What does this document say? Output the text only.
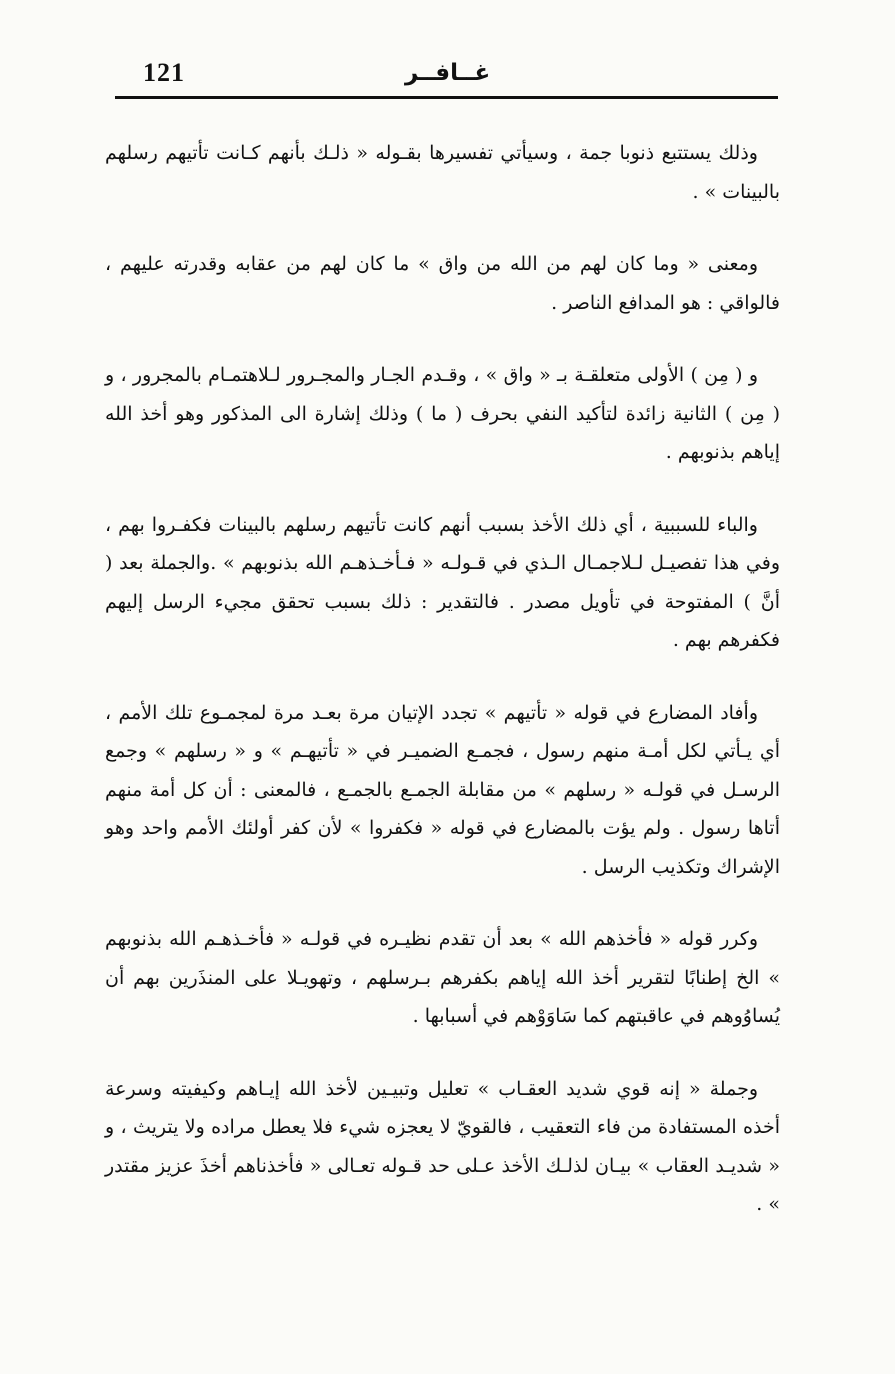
121	غــافــر

وذلك يستتبع ذنوبا جمة ، وسيأتي تفسيرها بقـوله « ذلـك بأنهم كـانت تأتيهم رسلهم بالبينات » .

ومعنى « وما كان لهم من الله من واق » ما كان لهم من عقابه وقدرته عليهم ، فالواقي : هو المدافع الناصر .

و ( مِن ) الأولى متعلقـة بـ « واق » ، وقـدم الجـار والمجـرور لـلاهتمـام بالمجرور ، و ( مِن ) الثانية زائدة لتأكيد النفي بحرف ( ما ) وذلك إشارة الى المذكور وهو أخذ الله إياهم بذنوبهم .

والباء للسببية ، أي ذلك الأخذ بسبب أنهم كانت تأتيهم رسلهم بالبينات فكفـروا بهم ، وفي هذا تفصيـل لـلاجمـال الـذي في قـولـه « فـأخـذهـم الله بذنوبهم » .والجملة بعد ( أنَّ ) المفتوحة في تأويل مصدر . فالتقدير : ذلك بسبب تحقق مجيء الرسل إليهم فكفرهم بهم .

وأفاد المضارع في قوله « تأتيهم » تجدد الإتيان مرة بعـد مرة لمجمـوع تلك الأمم ، أي يـأتي لكل أمـة منهم رسول ، فجمـع الضميـر في « تأتيهـم » و « رسلهم » وجمع الرسـل في قولـه « رسلهم » من مقابلة الجمـع بالجمـع ، فالمعنى : أن كل أمة منهم أتاها رسول . ولم يؤت بالمضارع في قوله « فكفروا » لأن كفر أولئك الأمم واحد وهو الإشراك وتكذيب الرسل .

وكرر قوله « فأخذهم الله » بعد أن تقدم نظيـره في قولـه « فأخـذهـم الله بذنوبهم » الخ إطنابًا لتقرير أخذ الله إياهم بكفرهم بـرسلهم ، وتهويـلا على المنذَرين بهم أن يُساوُوهم في عاقبتهم كما سَاوَوْهم في أسبابها .

وجملة « إنه قوي شديد العقـاب » تعليل وتبيـين لأخذ الله إيـاهم وكيفيته وسرعة أخذه المستفادة من فاء التعقيب ، فالقويّ لا يعجزه شيء فلا يعطل مراده ولا يتريث ، و « شديـد العقاب » بيـان لذلـك الأخذ عـلى حد قـوله تعـالى « فأخذناهم أخذَ عزيز مقتدر » .
